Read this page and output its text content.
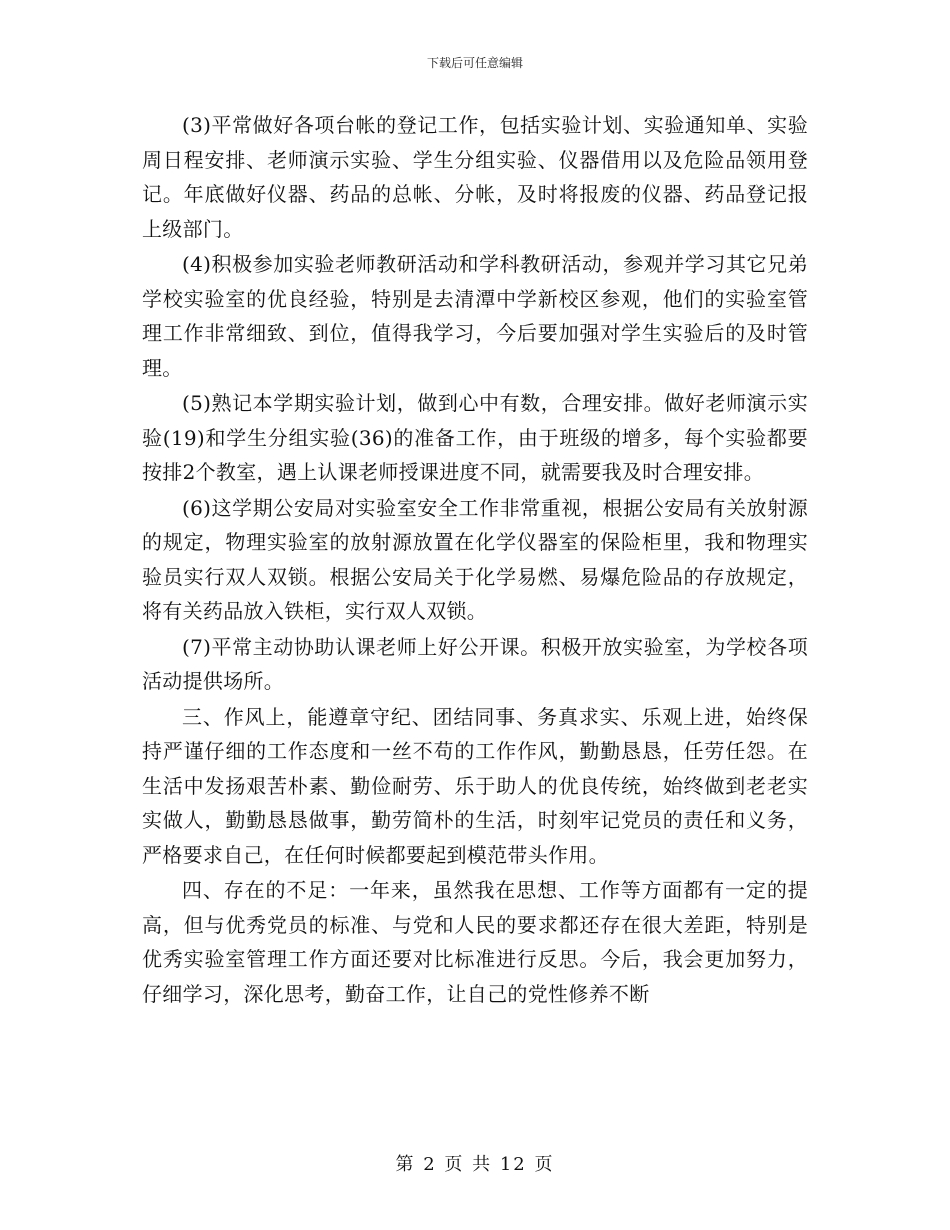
下载后可任意编辑

(3)平常做好各项台帐的登记工作，包括实验计划、实验通知单、实验周日程安排、老师演示实验、学生分组实验、仪器借用以及危险品领用登记。年底做好仪器、药品的总帐、分帐，及时将报废的仪器、药品登记报上级部门。

(4)积极参加实验老师教研活动和学科教研活动，参观并学习其它兄弟学校实验室的优良经验，特别是去清潭中学新校区参观，他们的实验室管理工作非常细致、到位，值得我学习，今后要加强对学生实验后的及时管理。

(5)熟记本学期实验计划，做到心中有数，合理安排。做好老师演示实验(19)和学生分组实验(36)的准备工作，由于班级的增多，每个实验都要按排2个教室，遇上认课老师授课进度不同，就需要我及时合理安排。

(6)这学期公安局对实验室安全工作非常重视，根据公安局有关放射源的规定，物理实验室的放射源放置在化学仪器室的保险柜里，我和物理实验员实行双人双锁。根据公安局关于化学易燃、易爆危险品的存放规定，将有关药品放入铁柜，实行双人双锁。

(7)平常主动协助认课老师上好公开课。积极开放实验室，为学校各项活动提供场所。

三、作风上，能遵章守纪、团结同事、务真求实、乐观上进，始终保持严谨仔细的工作态度和一丝不苟的工作作风，勤勤恳恳，任劳任怨。在生活中发扬艰苦朴素、勤俭耐劳、乐于助人的优良传统，始终做到老老实实做人，勤勤恳恳做事，勤劳简朴的生活，时刻牢记党员的责任和义务，严格要求自己，在任何时候都要起到模范带头作用。

四、存在的不足：一年来，虽然我在思想、工作等方面都有一定的提高，但与优秀党员的标准、与党和人民的要求都还存在很大差距，特别是优秀实验室管理工作方面还要对比标准进行反思。今后，我会更加努力，仔细学习，深化思考，勤奋工作，让自己的党性修养不断

第 2 页 共 12 页
